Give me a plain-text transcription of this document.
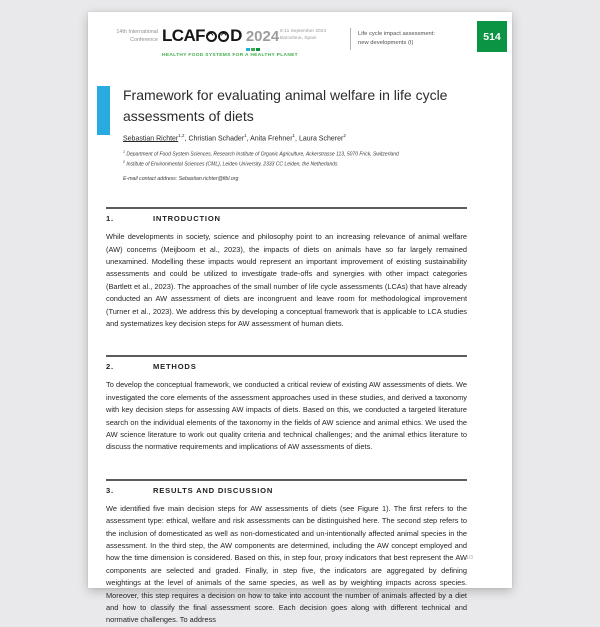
14th International
Conference LCAF D 2024
HEALTHY FOOD SYSTEMS FOR A HEALTHY PLANET
8-11 September 2024
Barcelona, Spain
Life cycle impact assessment:
new developments (I)
514
Framework for evaluating animal welfare in life cycle assessments of diets

Sebastian Richter$^{1,2}$, Christian Schader$^1$, Anita Frehner$^1$, Laura Scherer$^2$

$^1$ Department of Food System Sciences, Research Institute of Organic Agriculture, Ackerstrasse 113, 5070 Frick, Switzerland

$^2$ Institute of Environmental Sciences (CML), Leiden University, 2333 CC Leiden, the Netherlands

E-mail contact address: Sebastian.richter@fibl.org

1.	INTRODUCTION

While developments in society, science and philosophy point to an increasing relevance of animal welfare (AW) concerns (Meijboom et al., 2023), the impacts of diets on animals have so far largely remained unexamined. Modelling these impacts would represent an important improvement of existing sustainability assessments and could be utilized to investigate trade-offs and synergies with other impact categories (Bartlett et al., 2023). The approaches of the small number of life cycle assessments (LCAs) that have already conducted an AW assessment of diets are incongruent and leave room for methodological improvement (Turner et al., 2023). We address this by developing a conceptual framework that is applicable to LCA studies and systematizes key decision steps for AW assessment of human diets.

2.	METHODS

To develop the conceptual framework, we conducted a critical review of existing AW assessments of diets. We investigated the core elements of the assessment approaches used in these studies, and derived a taxonomy with key decision steps for assessing AW impacts of diets. Based on this, we conducted a targeted literature search on the individual elements of the taxonomy in the fields of AW science and animal ethics. We used the AW science literature to work out quality criteria and technical challenges; and the animal ethics literature to discuss the normative requirements and implications of AW assessments of diets.

3.	RESULTS AND DISCUSSION

We identified five main decision steps for AW assessments of diets (see Figure 1). The first refers to the assessment type: ethical, welfare and risk assessments can be distinguished here. The second step refers to the inclusion of domesticated as well as non-domesticated and un-intentionally affected animal species in the assessment. In the third step, the AW components are determined, including the AW concept employed and how the time dimension is considered. Based on this, in step four, proxy indicators that best represent the AW components are selected and graded. Finally, in step five, the indicators are aggregated by defining weightings at the level of animals of the same species, as well as by weighting impacts across species. Moreover, this step requires a decision on how to take into account the number of animals affected by a diet and how to classify the final assessment score. Each decision goes along with different technical and normative challenges. To address

1/3
